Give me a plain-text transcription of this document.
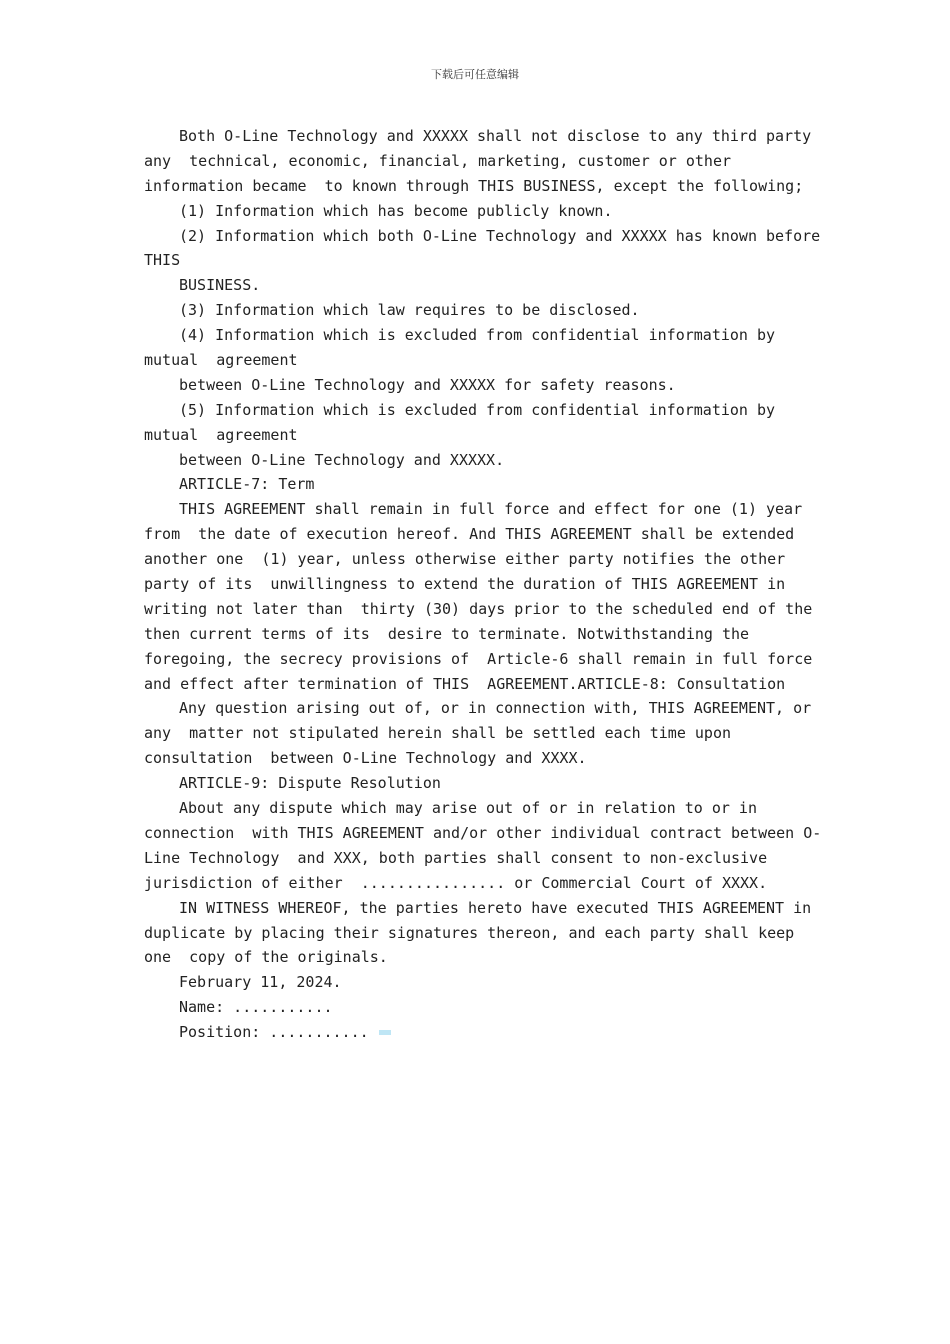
下载后可任意编辑
Both O-Line Technology and XXXXX shall not disclose to any third party
any  technical, economic, financial, marketing, customer or other
information became  to known through THIS BUSINESS, except the following;
(1) Information which has become publicly known.
(2) Information which both O-Line Technology and XXXXX has known before
THIS
BUSINESS.
(3) Information which law requires to be disclosed.
(4) Information which is excluded from confidential information by
mutual  agreement
between O-Line Technology and XXXXX for safety reasons.
(5) Information which is excluded from confidential information by
mutual  agreement
between O-Line Technology and XXXXX.
ARTICLE-7: Term
THIS AGREEMENT shall remain in full force and effect for one (1) year
from  the date of execution hereof. And THIS AGREEMENT shall be extended
another one  (1) year, unless otherwise either party notifies the other
party of its  unwillingness to extend the duration of THIS AGREEMENT in
writing not later than  thirty (30) days prior to the scheduled end of the
then current terms of its  desire to terminate. Notwithstanding the
foregoing, the secrecy provisions of  Article-6 shall remain in full force
and effect after termination of THIS  AGREEMENT.ARTICLE-8: Consultation
Any question arising out of, or in connection with, THIS AGREEMENT, or
any  matter not stipulated herein shall be settled each time upon
consultation  between O-Line Technology and XXXX.
ARTICLE-9: Dispute Resolution
About any dispute which may arise out of or in relation to or in
connection  with THIS AGREEMENT and/or other individual contract between O-
Line Technology  and XXX, both parties shall consent to non-exclusive
jurisdiction of either  ................ or Commercial Court of XXXX.
IN WITNESS WHEREOF, the parties hereto have executed THIS AGREEMENT in
duplicate by placing their signatures thereon, and each party shall keep
one  copy of the originals.
February 11, 2024.
Name: ...........
Position: ...........
